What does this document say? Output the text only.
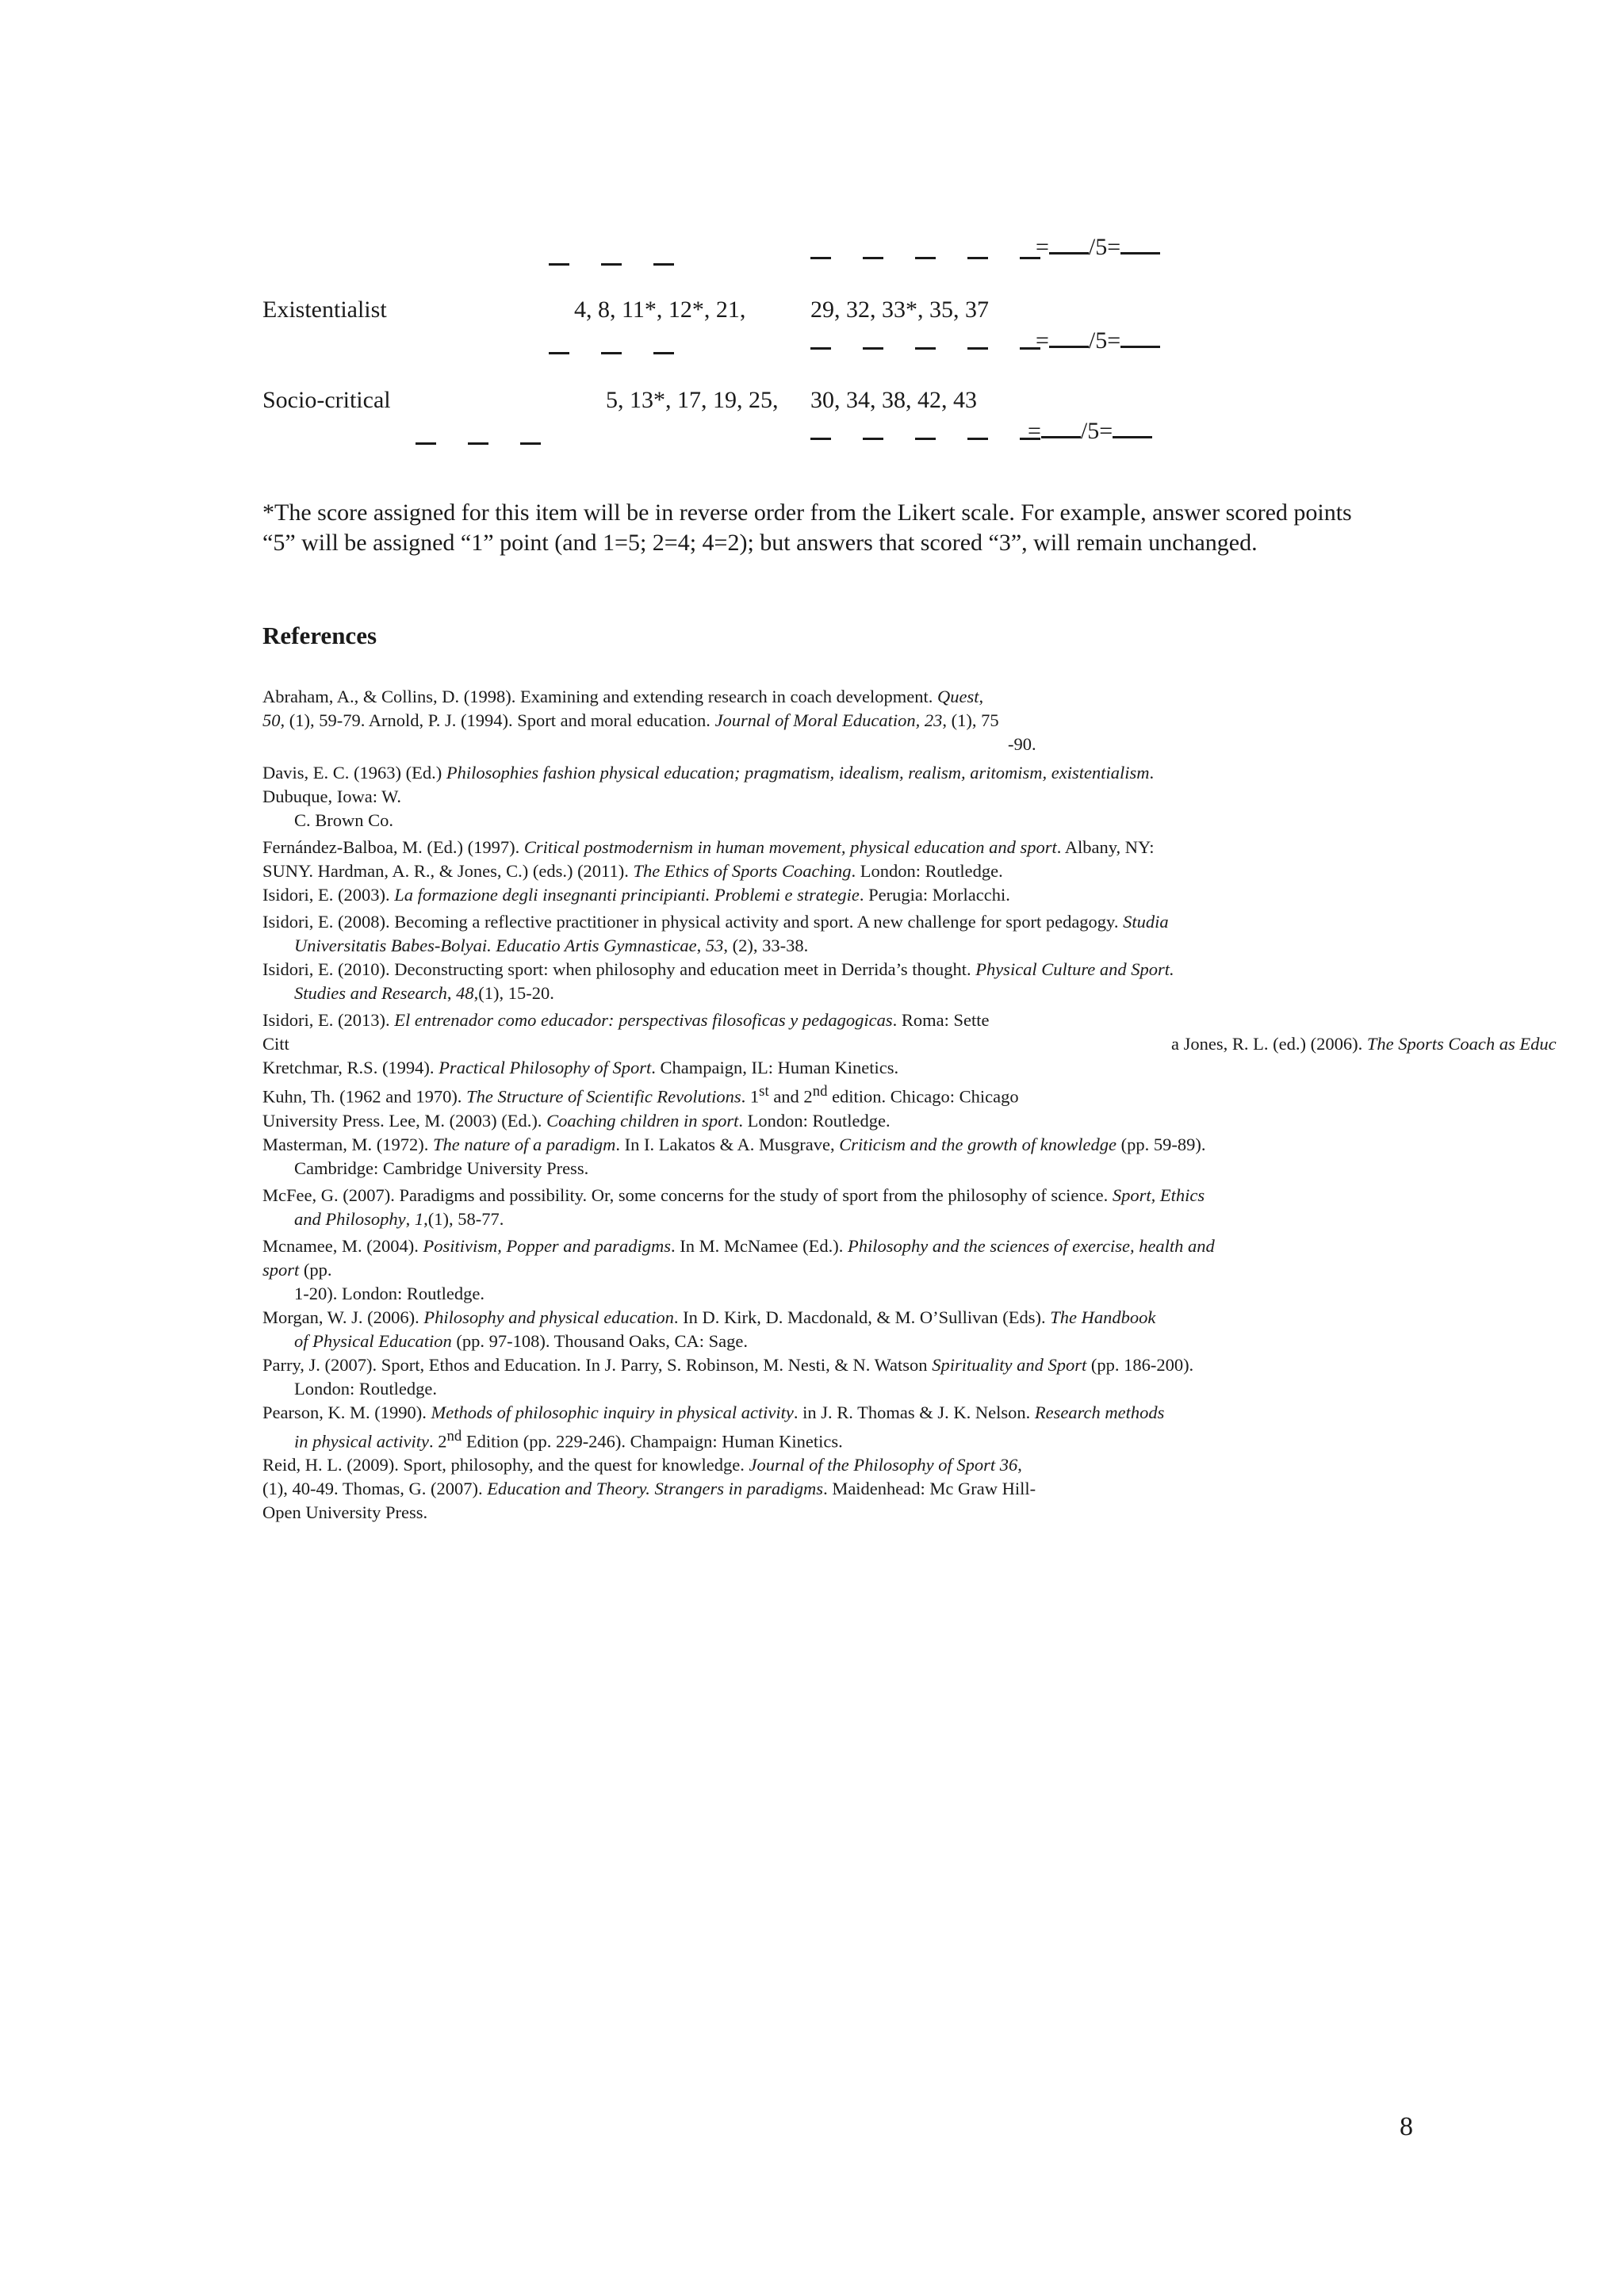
= /5=
Existentialist	4, 8, 11*, 12*, 21,	29, 32, 33*, 35, 37
= /5=
Socio-critical	5, 13*, 17, 19, 25, 30, 34, 38, 42, 43
= /5=
*The score assigned for this item will be in reverse order from the Likert scale. For example, answer scored points “5” will be assigned “1” point (and 1=5; 2=4; 4=2); but answers that scored “3”, will remain unchanged.
References
Abraham, A., & Collins, D. (1998). Examining and extending research in coach development. Quest,
50, (1), 59-79. Arnold, P. J. (1994). Sport and moral education. Journal of Moral Education, 23, (1), 75
-90.
Davis, E. C. (1963) (Ed.) Philosophies fashion physical education; pragmatism, idealism, realism, aritomism, existentialism.
Dubuque, Iowa: W.
C. Brown Co.
Fernández-Balboa, M. (Ed.) (1997). Critical postmodernism in human movement, physical education and sport. Albany, NY:
SUNY. Hardman, A. R., & Jones, C.) (eds.) (2011). The Ethics of Sports Coaching. London: Routledge.
Isidori, E. (2003). La formazione degli insegnanti principianti. Problemi e strategie. Perugia: Morlacchi.
Isidori, E. (2008). Becoming a reflective practitioner in physical activity and sport. A new challenge for sport pedagogy. Studia
Universitatis Babes-Bolyai. Educatio Artis Gymnasticae, 53, (2), 33-38.
Isidori, E. (2010). Deconstructing sport: when philosophy and education meet in Derrida’s thought. Physical Culture and Sport.
Studies and Research, 48,(1), 15-20.
Isidori, E. (2013). El entrenador como educador: perspectivas filosoficas y pedagogicas. Roma: Sette
Citt	a Jones, R. L. (ed.) (2006). The Sports Coach as Educ
Kretchmar, R.S. (1994). Practical Philosophy of Sport. Champaign, IL: Human Kinetics.
Kuhn, Th. (1962 and 1970). The Structure of Scientific Revolutions. 1st and 2nd edition. Chicago: Chicago
University Press. Lee, M. (2003) (Ed.). Coaching children in sport. London: Routledge.
Masterman, M. (1972). The nature of a paradigm. In I. Lakatos & A. Musgrave, Criticism and the growth of knowledge (pp. 59-89).
Cambridge: Cambridge University Press.
McFee, G. (2007). Paradigms and possibility. Or, some concerns for the study of sport from the philosophy of science. Sport, Ethics
and Philosophy, 1,(1), 58-77.
Mcnamee, M. (2004). Positivism, Popper and paradigms. In M. McNamee (Ed.). Philosophy and the sciences of exercise, health and
sport (pp.
1-20). London: Routledge.
Morgan, W. J. (2006). Philosophy and physical education. In D. Kirk, D. Macdonald, & M. O’Sullivan (Eds). The Handbook
of Physical Education (pp. 97-108). Thousand Oaks, CA: Sage.
Parry, J. (2007). Sport, Ethos and Education. In J. Parry, S. Robinson, M. Nesti, & N. Watson Spirituality and Sport (pp. 186-200).
London: Routledge.
Pearson, K. M. (1990). Methods of philosophic inquiry in physical activity. in J. R. Thomas & J. K. Nelson. Research methods
in physical activity. 2nd Edition (pp. 229-246). Champaign: Human Kinetics.
Reid, H. L. (2009). Sport, philosophy, and the quest for knowledge. Journal of the Philosophy of Sport 36,
(1), 40-49. Thomas, G. (2007). Education and Theory. Strangers in paradigms. Maidenhead: Mc Graw Hill-
Open University Press.
8
